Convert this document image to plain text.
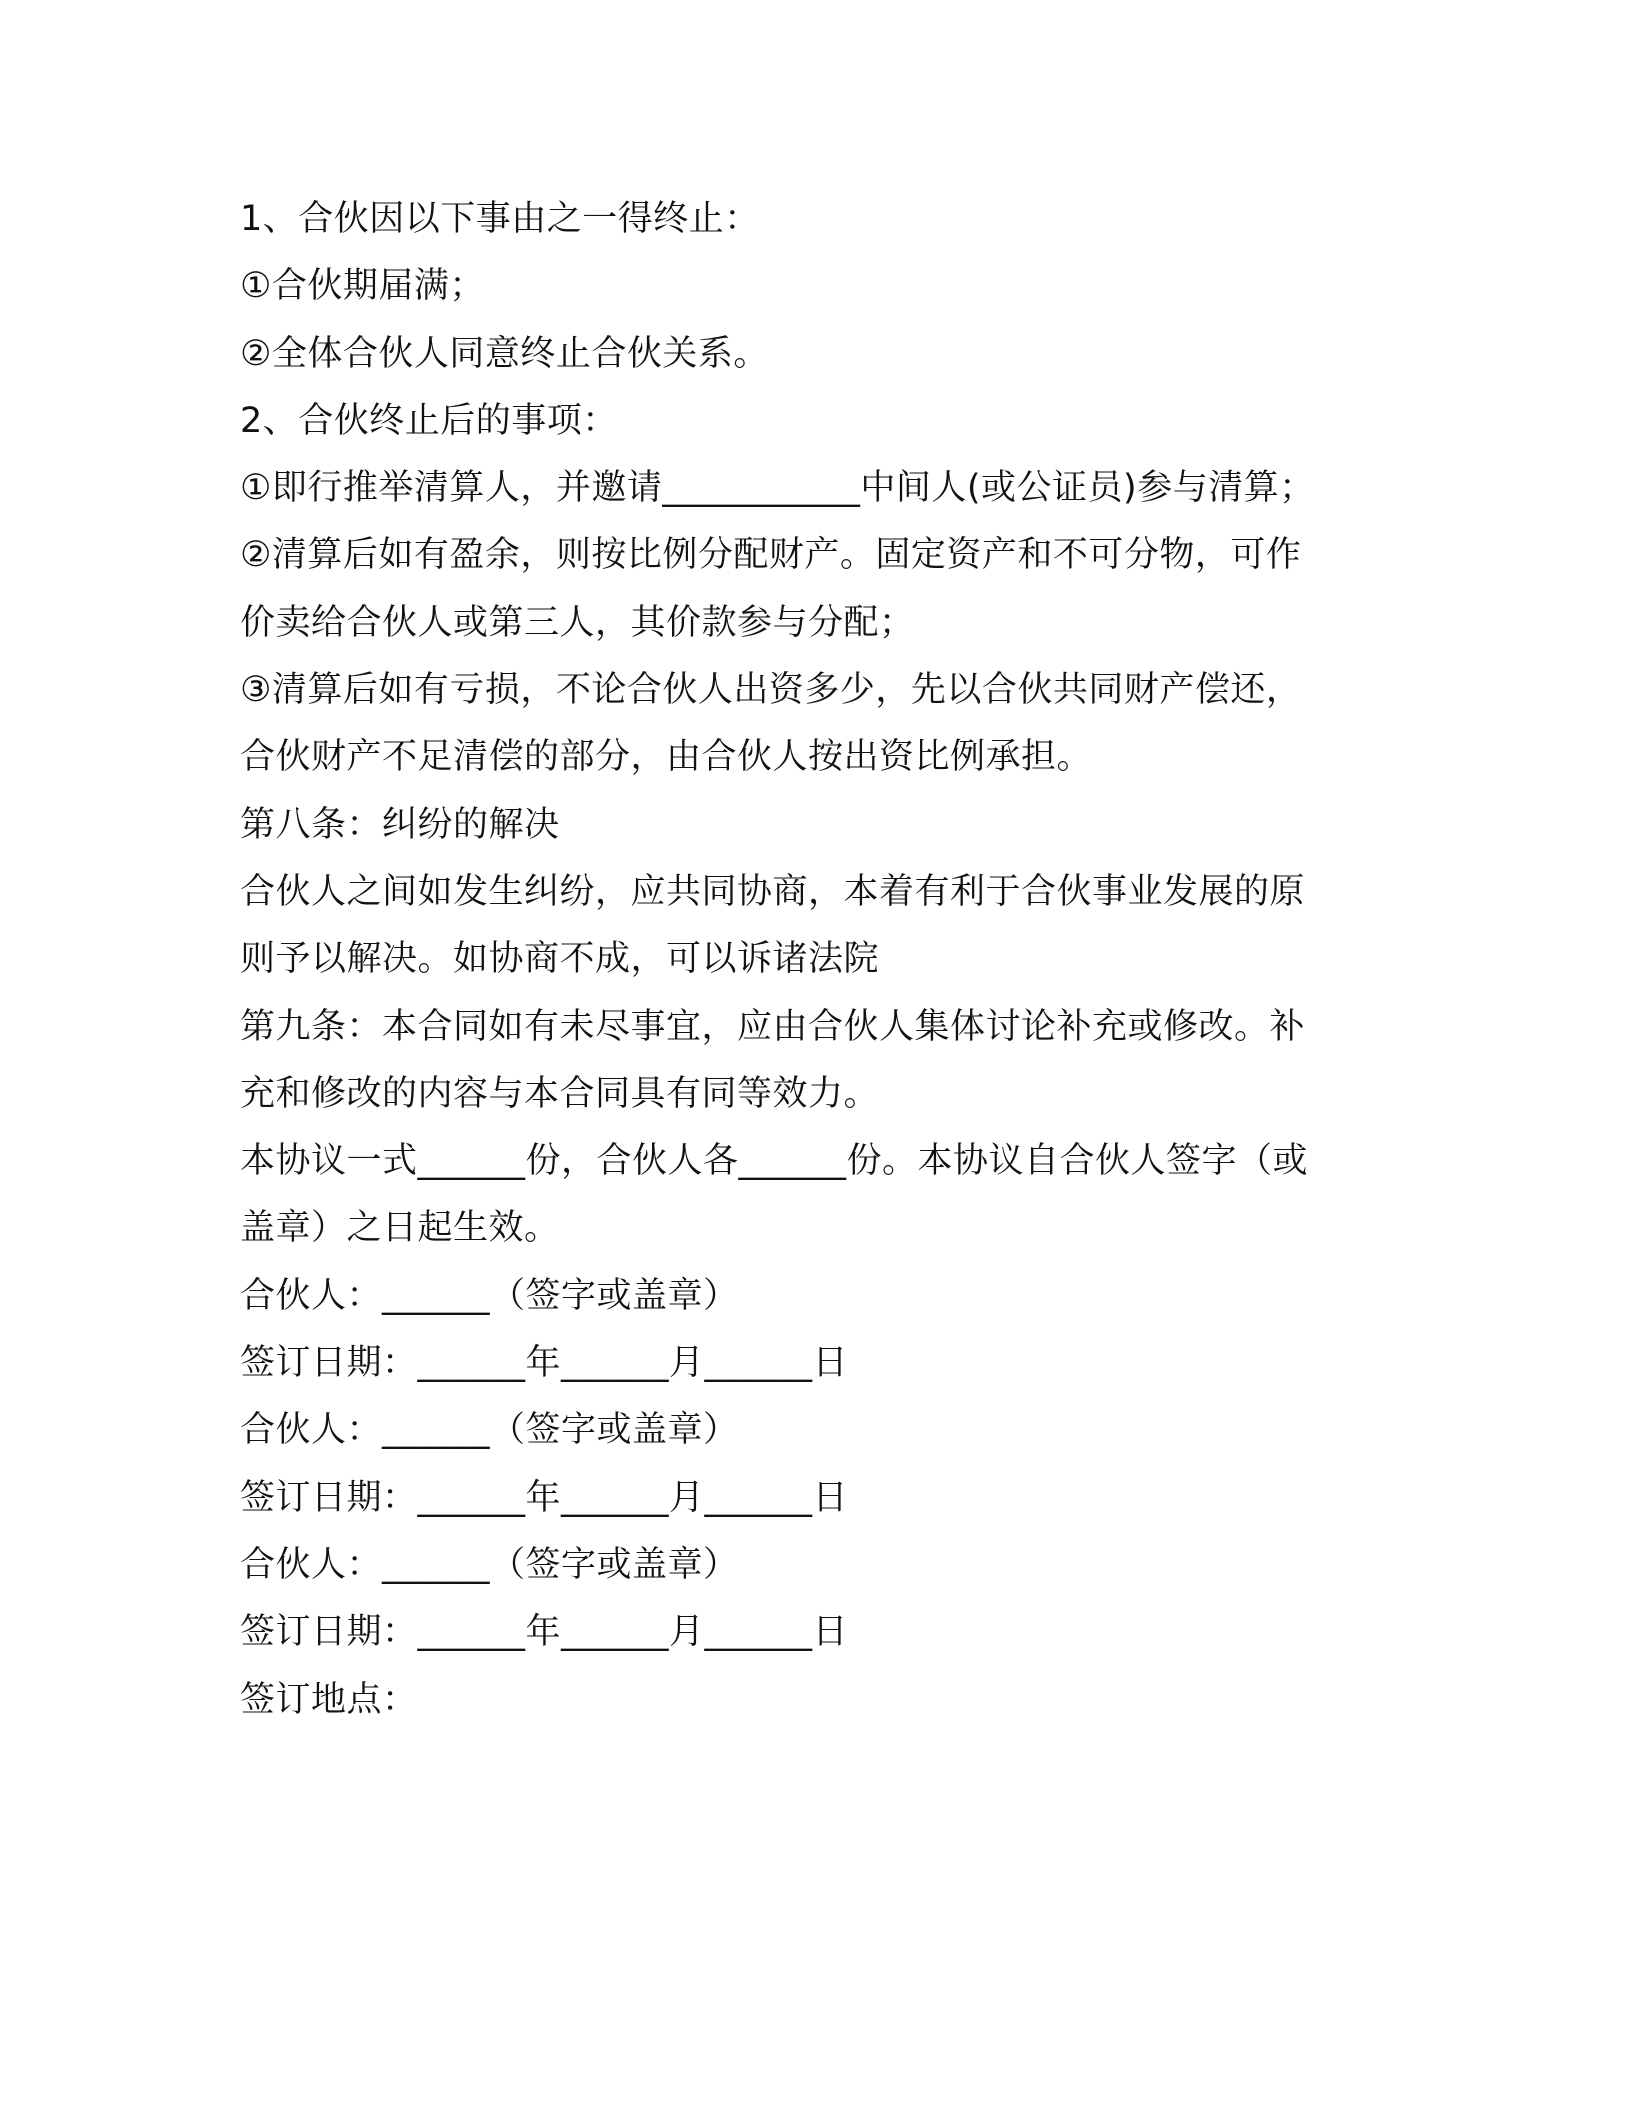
1、合伙因以下事由之一得终止：

①合伙期届满；

②全体合伙人同意终止合伙关系。

2、合伙终止后的事项：

①即行推举清算人，并邀请___________中间人(或公证员)参与清算；

②清算后如有盈余，则按比例分配财产。固定资产和不可分物，可作

价卖给合伙人或第三人，其价款参与分配；

③清算后如有亏损，不论合伙人出资多少，先以合伙共同财产偿还，

合伙财产不足清偿的部分，由合伙人按出资比例承担。

第八条：纠纷的解决

合伙人之间如发生纠纷，应共同协商，本着有利于合伙事业发展的原

则予以解决。如协商不成，可以诉诸法院

第九条：本合同如有未尽事宜，应由合伙人集体讨论补充或修改。补

充和修改的内容与本合同具有同等效力。

本协议一式______份，合伙人各______份。本协议自合伙人签字（或

盖章）之日起生效。

合伙人：______（签字或盖章）

签订日期：______年______月______日

合伙人：______（签字或盖章）

签订日期：______年______月______日

合伙人：______（签字或盖章）

签订日期：______年______月______日

签订地点：
